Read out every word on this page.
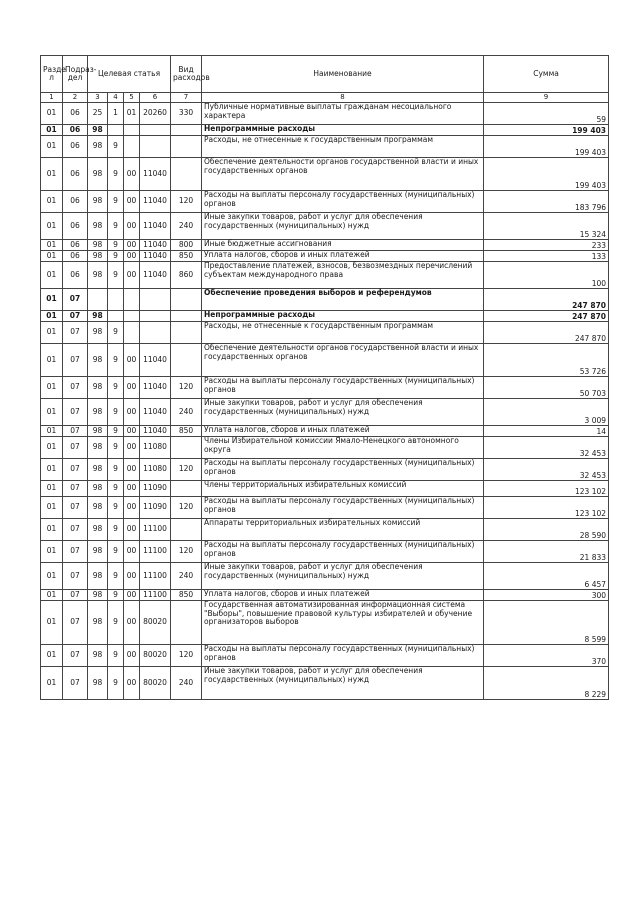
Разде л	Подраз- дел	Целевая статья				Вид расходов	Наименование	Сумма
1	2	3	4	5	6	7	8	9
01	06	25	1	01	20260	330	Публичные нормативные выплаты гражданам несоциального характера	59
01	06	98					Непрограммные расходы	199 403
01	06	98	9				Расходы, не отнесенные к государственным программам	199 403
01	06	98	9	00	11040		Обеспечение деятельности органов государственной власти и иных государственных органов	199 403
01	06	98	9	00	11040	120	Расходы на выплаты персоналу государственных (муниципальных) органов	183 796
01	06	98	9	00	11040	240	Иные закупки товаров, работ и услуг для обеспечения государственных (муниципальных) нужд	15 324
01	06	98	9	00	11040	800	Иные бюджетные ассигнования	233
01	06	98	9	00	11040	850	Уплата налогов, сборов и иных платежей	133
01	06	98	9	00	11040	860	Предоставление платежей, взносов, безвозмездных перечислений субъектам международного права	100
01	07						Обеспечение проведения выборов и референдумов	247 870
01	07	98					Непрограммные расходы	247 870
01	07	98	9				Расходы, не отнесенные к государственным программам	247 870
01	07	98	9	00	11040		Обеспечение деятельности органов государственной власти и иных государственных органов	53 726
01	07	98	9	00	11040	120	Расходы на выплаты персоналу государственных (муниципальных) органов	50 703
01	07	98	9	00	11040	240	Иные закупки товаров, работ и услуг для обеспечения государственных (муниципальных) нужд	3 009
01	07	98	9	00	11040	850	Уплата налогов, сборов и иных платежей	14
01	07	98	9	00	11080		Члены Избирательной комиссии Ямало-Ненецкого автономного округа	32 453
01	07	98	9	00	11080	120	Расходы на выплаты персоналу государственных (муниципальных) органов	32 453
01	07	98	9	00	11090		Члены территориальных избирательных комиссий	123 102
01	07	98	9	00	11090	120	Расходы на выплаты персоналу государственных (муниципальных) органов	123 102
01	07	98	9	00	11100		Аппараты территориальных избирательных комиссий	28 590
01	07	98	9	00	11100	120	Расходы на выплаты персоналу государственных (муниципальных) органов	21 833
01	07	98	9	00	11100	240	Иные закупки товаров, работ и услуг для обеспечения государственных (муниципальных) нужд	6 457
01	07	98	9	00	11100	850	Уплата налогов, сборов и иных платежей	300
01	07	98	9	00	80020		Государственная автоматизированная информационная система "Выборы", повышение правовой культуры избирателей и обучение организаторов выборов	8 599
01	07	98	9	00	80020	120	Расходы на выплаты персоналу государственных (муниципальных) органов	370
01	07	98	9	00	80020	240	Иные закупки товаров, работ и услуг для обеспечения государственных (муниципальных) нужд	8 229
